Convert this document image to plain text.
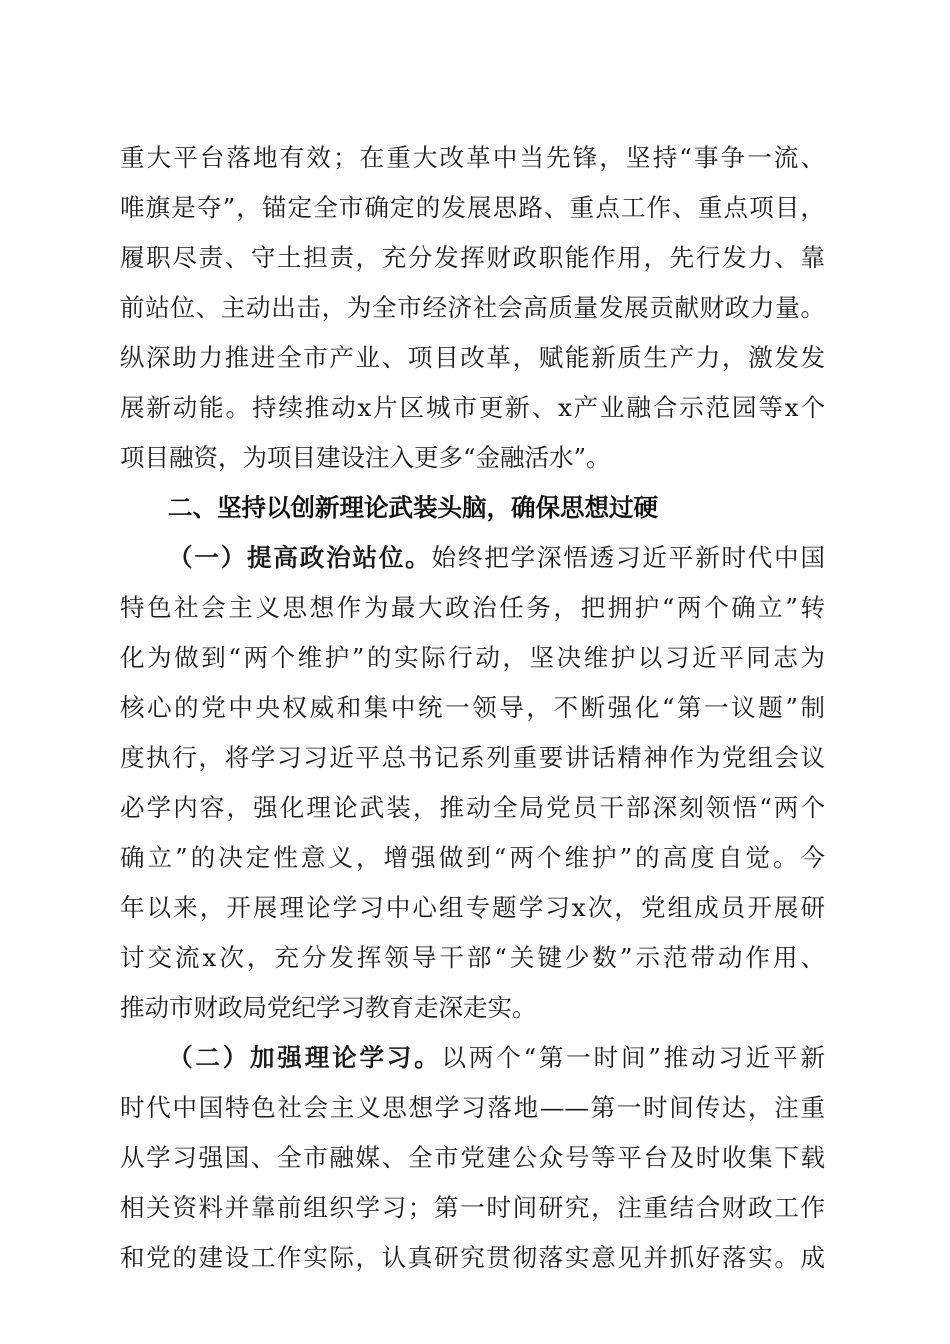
重大平台落地有效；在重大改革中当先锋，坚持“事争一流、
唯旗是夺”，锚定全市确定的发展思路、重点工作、重点项目，
履职尽责、守土担责，充分发挥财政职能作用，先行发力、靠
前站位、主动出击，为全市经济社会高质量发展贡献财政力量。
纵深助力推进全市产业、项目改革，赋能新质生产力，激发发
展新动能。持续推动x片区城市更新、x产业融合示范园等x个
项目融资，为项目建设注入更多“金融活水”。
二、坚持以创新理论武装头脑，确保思想过硬
（一）提高政治站位。始终把学深悟透习近平新时代中国
特色社会主义思想作为最大政治任务，把拥护“两个确立”转
化为做到“两个维护”的实际行动，坚决维护以习近平同志为
核心的党中央权威和集中统一领导，不断强化“第一议题”制
度执行，将学习习近平总书记系列重要讲话精神作为党组会议
必学内容，强化理论武装，推动全局党员干部深刻领悟“两个
确立”的决定性意义，增强做到“两个维护”的高度自觉。今
年以来，开展理论学习中心组专题学习x次，党组成员开展研
讨交流x次，充分发挥领导干部“关键少数”示范带动作用、
推动市财政局党纪学习教育走深走实。
（二）加强理论学习。以两个“第一时间”推动习近平新
时代中国特色社会主义思想学习落地——第一时间传达，注重
从学习强国、全市融媒、全市党建公众号等平台及时收集下载
相关资料并靠前组织学习；第一时间研究，注重结合财政工作
和党的建设工作实际，认真研究贯彻落实意见并抓好落实。成
